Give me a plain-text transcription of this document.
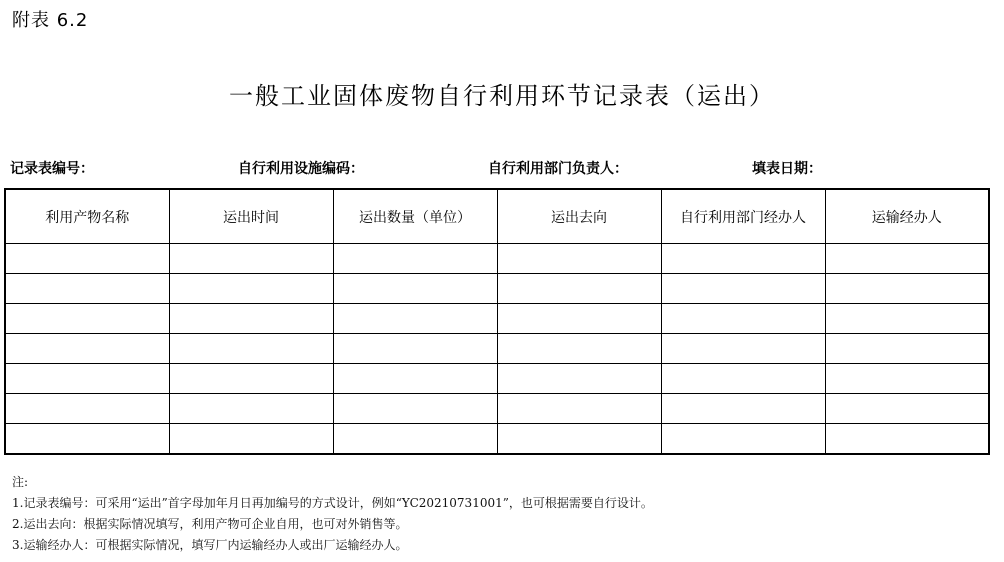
附表 6.2
一般工业固体废物自行利用环节记录表（运出）
记录表编号：	自行利用设施编码：	自行利用部门负责人：	填表日期：
利用产物名称	运出时间	运出数量（单位）	运出去向	自行利用部门经办人	运输经办人

注:
1.记录表编号：可采用“运出”首字母加年月日再加编号的方式设计，例如“YC20210731001”，也可根据需要自行设计。
2.运出去向：根据实际情况填写，利用产物可企业自用，也可对外销售等。
3.运输经办人：可根据实际情况，填写厂内运输经办人或出厂运输经办人。
